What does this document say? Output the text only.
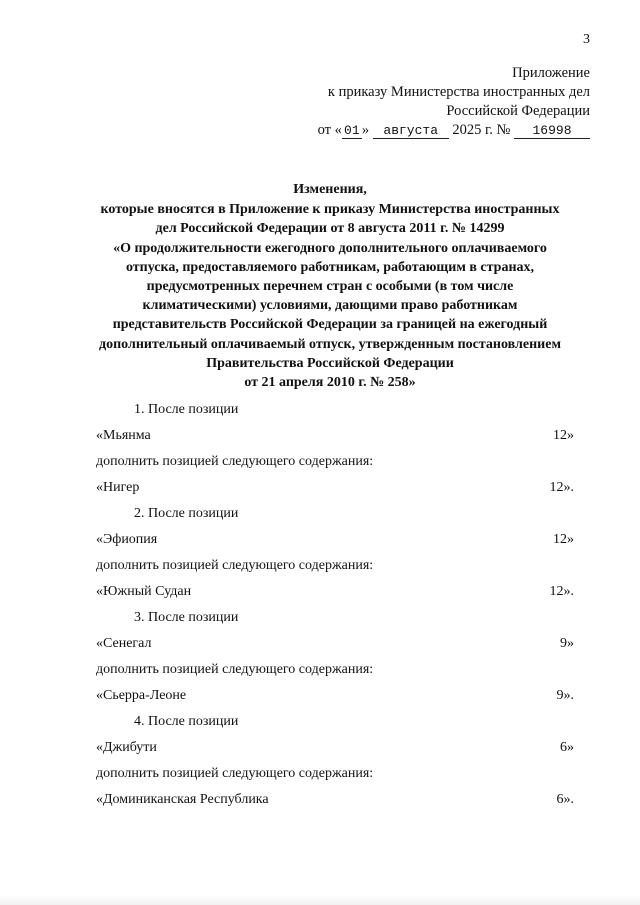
3
Приложение
к приказу Министерства иностранных дел
Российской Федерации
от « 01 » августа 2025 г. № 16998
Изменения,
которые вносятся в Приложение к приказу Министерства иностранных
дел Российской Федерации от 8 августа 2011 г. № 14299
«О продолжительности ежегодного дополнительного оплачиваемого
отпуска, предоставляемого работникам, работающим в странах,
предусмотренных перечнем стран с особыми (в том числе
климатическими) условиями, дающими право работникам
представительств Российской Федерации за границей на ежегодный
дополнительный оплачиваемый отпуск, утвержденным постановлением
Правительства Российской Федерации
от 21 апреля 2010 г. № 258»
1. После позиции
«Мьянма	12»
дополнить позицией следующего содержания:
«Нигер	12».
2. После позиции
«Эфиопия	12»
дополнить позицией следующего содержания:
«Южный Судан	12».
3. После позиции
«Сенегал	9»
дополнить позицией следующего содержания:
«Сьерра-Леоне	9».
4. После позиции
«Джибути	6»
дополнить позицией следующего содержания:
«Доминиканская Республика	6».
